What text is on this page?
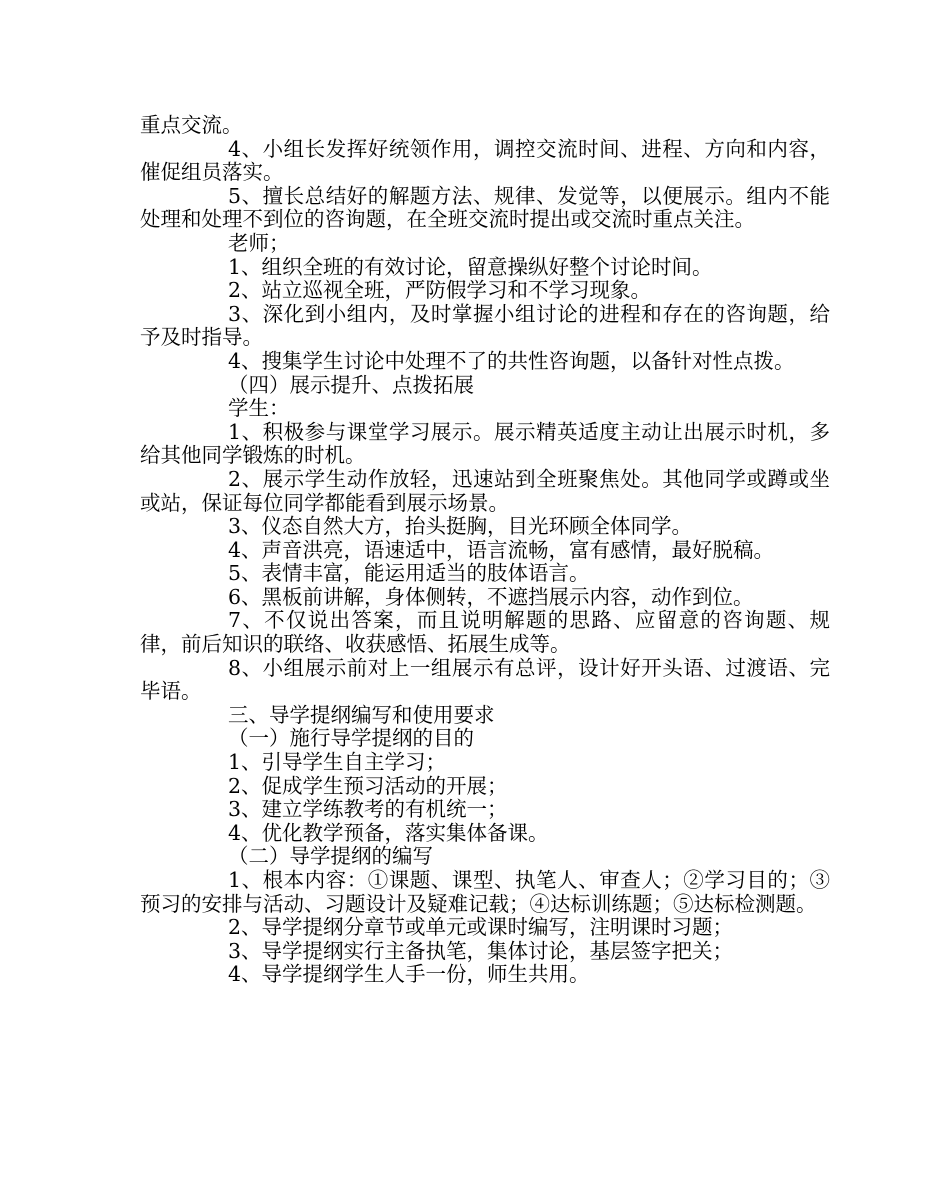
重点交流。

4、小组长发挥好统领作用，调控交流时间、进程、方向和内容，催促组员落实。

5、擅长总结好的解题方法、规律、发觉等，以便展示。组内不能处理和处理不到位的咨询题，在全班交流时提出或交流时重点关注。

老师；

1、组织全班的有效讨论，留意操纵好整个讨论时间。

2、站立巡视全班，严防假学习和不学习现象。

3、深化到小组内，及时掌握小组讨论的进程和存在的咨询题，给予及时指导。

4、搜集学生讨论中处理不了的共性咨询题，以备针对性点拨。

（四）展示提升、点拨拓展

学生：

1、积极参与课堂学习展示。展示精英适度主动让出展示时机，多给其他同学锻炼的时机。

2、展示学生动作放轻，迅速站到全班聚焦处。其他同学或蹲或坐或站，保证每位同学都能看到展示场景。

3、仪态自然大方，抬头挺胸，目光环顾全体同学。

4、声音洪亮，语速适中，语言流畅，富有感情，最好脱稿。

5、表情丰富，能运用适当的肢体语言。

6、黑板前讲解，身体侧转，不遮挡展示内容，动作到位。

7、不仅说出答案，而且说明解题的思路、应留意的咨询题、规律，前后知识的联络、收获感悟、拓展生成等。

8、小组展示前对上一组展示有总评，设计好开头语、过渡语、完毕语。

三、导学提纲编写和使用要求

（一）施行导学提纲的目的

1、引导学生自主学习；

2、促成学生预习活动的开展；

3、建立学练教考的有机统一；

4、优化教学预备，落实集体备课。

（二）导学提纲的编写

1、根本内容：①课题、课型、执笔人、审查人；②学习目的；③预习的安排与活动、习题设计及疑难记载；④达标训练题；⑤达标检测题。

2、导学提纲分章节或单元或课时编写，注明课时习题；

3、导学提纲实行主备执笔，集体讨论，基层签字把关；

4、导学提纲学生人手一份，师生共用。
